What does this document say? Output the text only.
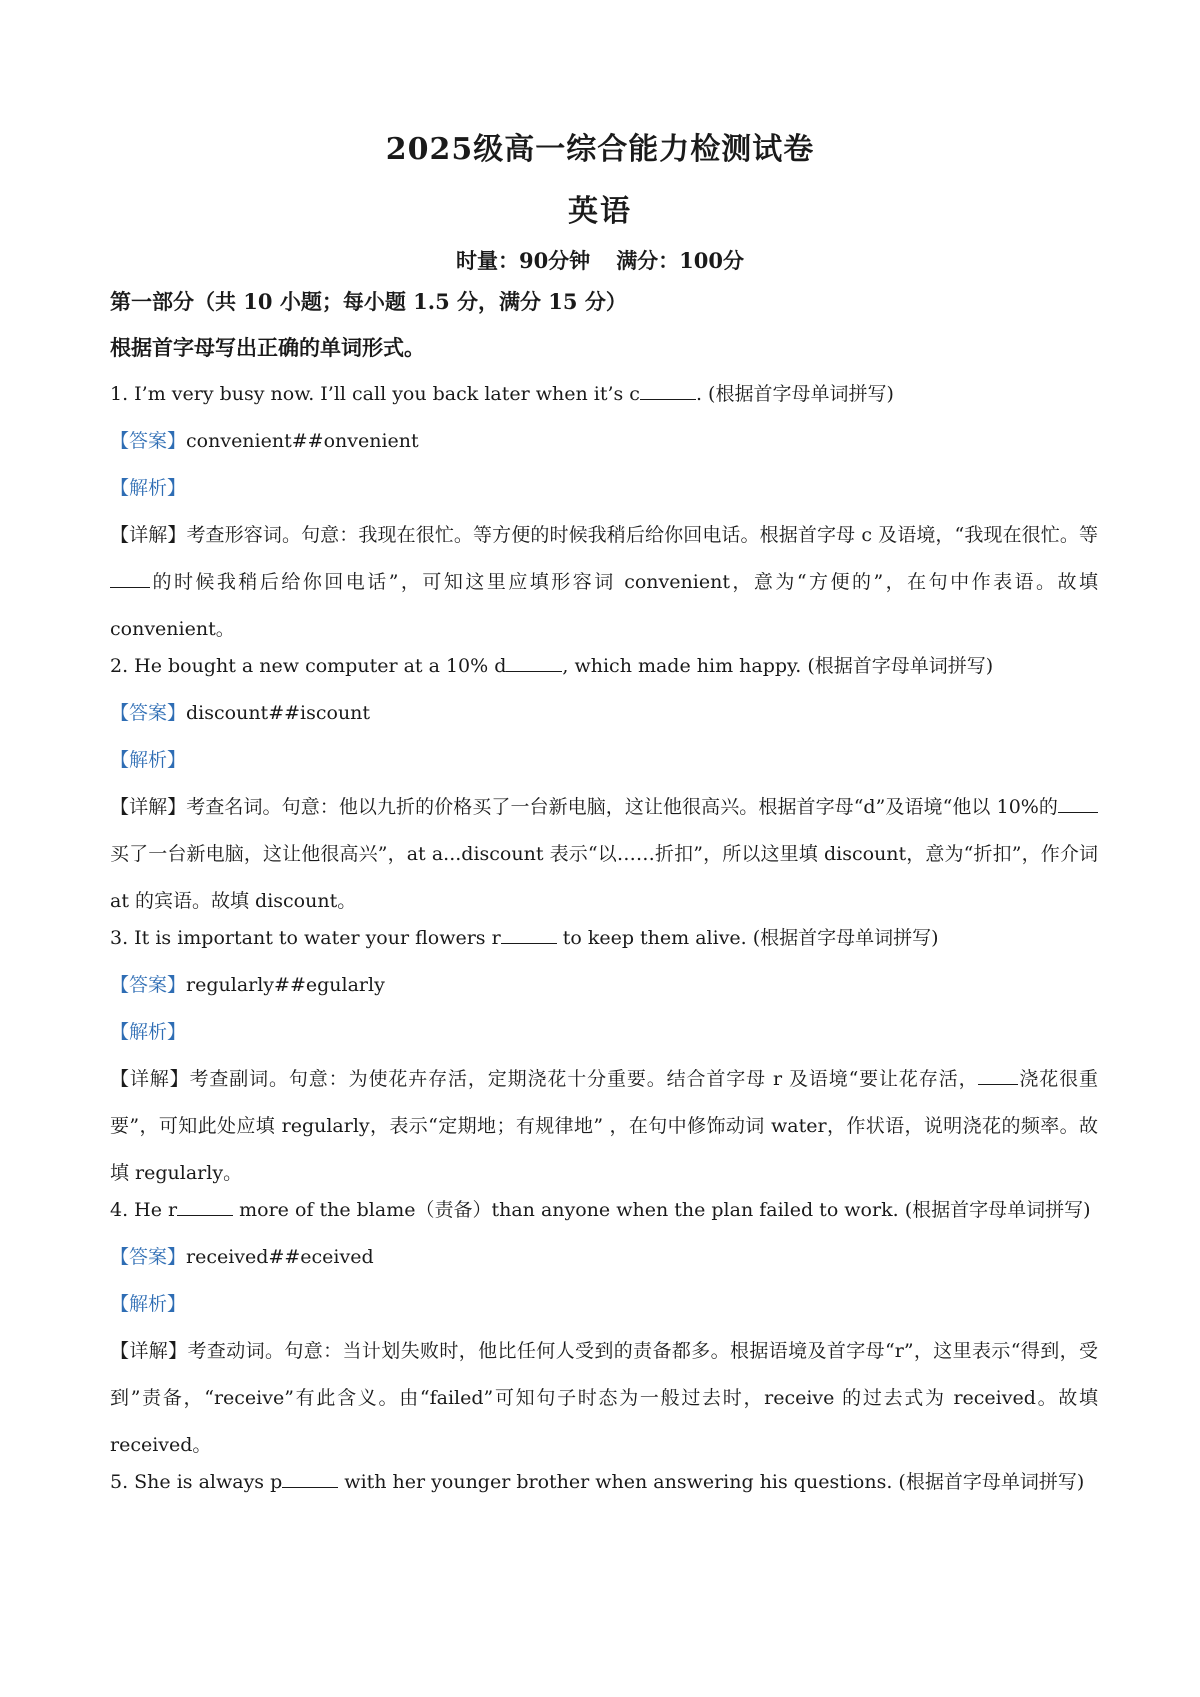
2025级高一综合能力检测试卷
英语
时量：90分钟 满分：100分
第一部分（共 10 小题；每小题 1.5 分，满分 15 分）
根据首字母写出正确的单词形式。
1. I’m very busy now. I’ll call you back later when it’s c	. (根据首字母单词拼写)
【答案】convenient##onvenient
【解析】
【详解】考查形容词。句意：我现在很忙。等方便的时候我稍后给你回电话。根据首字母 c 及语境，“我现在很忙。等的时候我稍后给你回电话”，可知这里应填形容词 convenient，意为“方便的”，在句中作表语。故填 convenient。
2. He bought a new computer at a 10% d	, which made him happy. (根据首字母单词拼写)
【答案】discount##iscount
【解析】
【详解】考查名词。句意：他以九折的价格买了一台新电脑，这让他很高兴。根据首字母“d”及语境“他以 10%的买了一台新电脑，这让他很高兴”，at a...discount 表示“以……折扣”，所以这里填 discount，意为“折扣”，作介词 at 的宾语。故填 discount。
3. It is important to water your flowers r	to keep them alive. (根据首字母单词拼写)
【答案】regularly##egularly
【解析】
【详解】考查副词。句意：为使花卉存活，定期浇花十分重要。结合首字母 r 及语境“要让花存活， 浇花很重要”，可知此处应填 regularly，表示“定期地；有规律地” ，在句中修饰动词 water，作状语，说明浇花的频率。故填 regularly。
4. He r	more of the blame（责备）than anyone when the plan failed to work. (根据首字母单词拼写)
【答案】received##eceived
【解析】
【详解】考查动词。句意：当计划失败时，他比任何人受到的责备都多。根据语境及首字母“r”，这里表示“得到，受到”责备，“receive”有此含义。由“failed”可知句子时态为一般过去时，receive 的过去式为 received。故填 received。
5. She is always p	with her younger brother when answering his questions. (根据首字母单词拼写)
